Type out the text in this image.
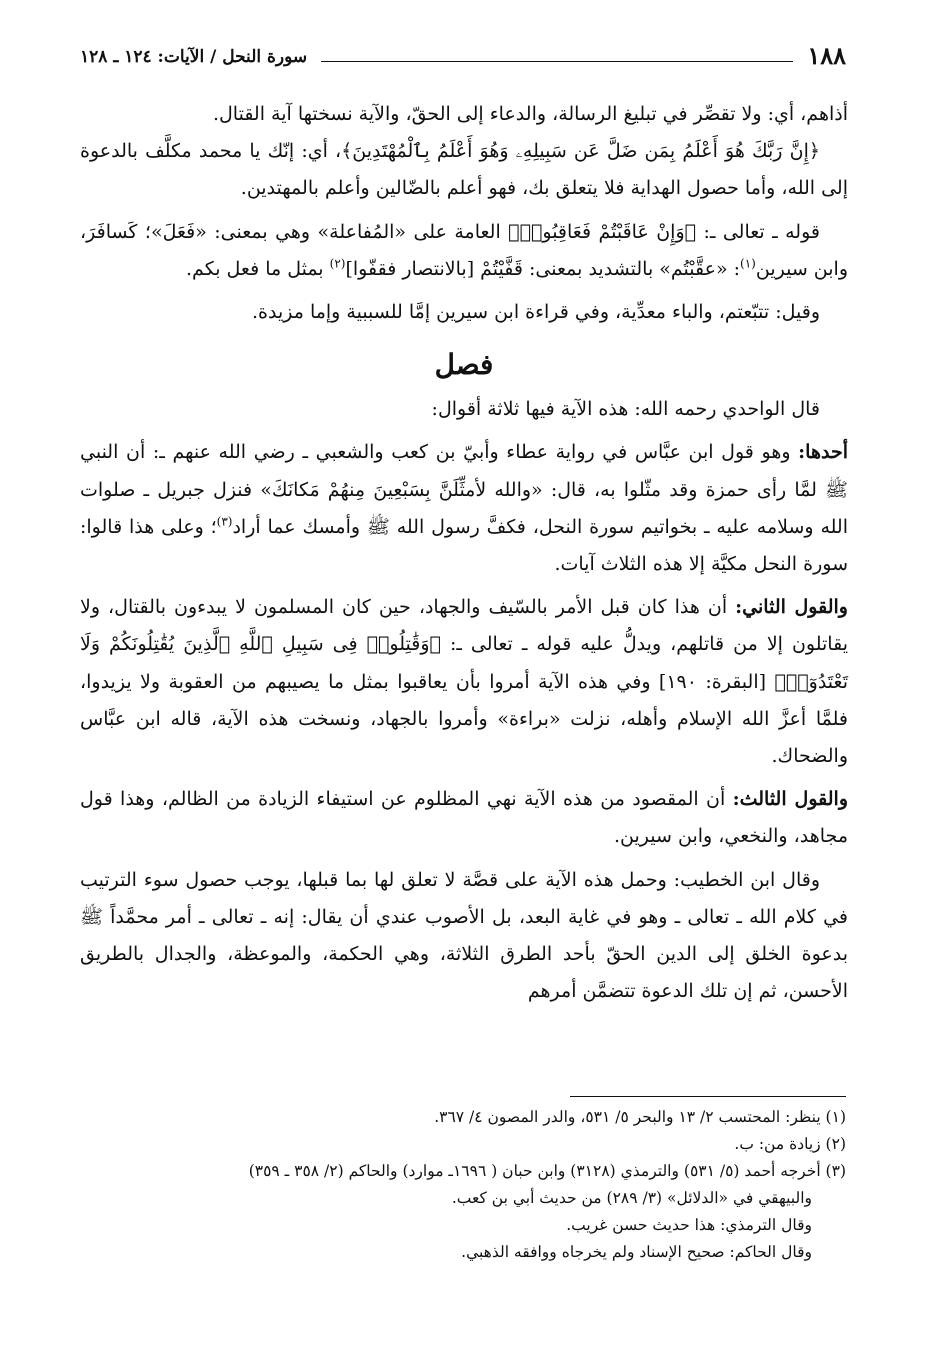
١٨٨
سورة النحل / الآيات: ١٢٤ ـ ١٢٨

أذاهم، أي: ولا تقصِّر في تبليغ الرسالة، والدعاء إلى الحقّ، والآية نسختها آية القتال.

﴿إِنَّ رَبَّكَ هُوَ أَعْلَمُ بِمَن ضَلَّ عَن سَبِيلِهِۦ وَهُوَ أَعْلَمُ بِٱلْمُهْتَدِينَ﴾، أي: إنّك يا محمد مكلَّف بالدعوة إلى الله، وأما حصول الهداية فلا يتعلق بك، فهو أعلم بالضّالين وأعلم بالمهتدين.

قوله ـ تعالى ـ: ﴿وَإِنْ عَاقَبْتُمْ فَعَاقِبُوا۟﴾ العامة على «المُفاعلة» وهي بمعنى: «فَعَلَ»؛ كَسافَرَ، وابن سيرين$^{(١)}$: «عقَّبْتُم» بالتشديد بمعنى: قَفَّيْتُمْ [بالانتصار فقفّوا]$^{(٢)}$ بمثل ما فعل بكم.

وقيل: تتبّعتم، والباء معدِّية، وفي قراءة ابن سيرين إمَّا للسببية وإما مزيدة.

فصل

قال الواحدي رحمه الله: هذه الآية فيها ثلاثة أقوال:

أحدها: وهو قول ابن عبَّاس في رواية عطاء وأبيّ بن كعب والشعبي ـ رضي الله عنهم ـ: أن النبي ﷺ لمَّا رأى حمزة وقد مثّلوا به، قال: «والله لأمثِّلَنَّ بِسَبْعِينَ مِنهُمْ مَكانَكَ» فنزل جبريل ـ صلوات الله وسلامه عليه ـ بخواتيم سورة النحل، فكفَّ رسول الله ﷺ وأمسك عما أراد$^{(٣)}$؛ وعلى هذا قالوا: سورة النحل مكيَّة إلا هذه الثلاث آيات.

والقول الثاني: أن هذا كان قبل الأمر بالسّيف والجهاد، حين كان المسلمون لا يبدءون بالقتال، ولا يقاتلون إلا من قاتلهم، ويدلُّ عليه قوله ـ تعالى ـ: ﴿وَقَٰتِلُوا۟ فِى سَبِيلِ ٱللَّهِ ٱلَّذِينَ يُقَٰتِلُونَكُمْ وَلَا تَعْتَدُوٓا۟﴾ [البقرة: ١٩٠] وفي هذه الآية أمروا بأن يعاقبوا بمثل ما يصيبهم من العقوبة ولا يزيدوا، فلمَّا أعزَّ الله الإسلام وأهله، نزلت «براءة» وأمروا بالجهاد، ونسخت هذه الآية، قاله ابن عبَّاس والضحاك.

والقول الثالث: أن المقصود من هذه الآية نهي المظلوم عن استيفاء الزيادة من الظالم، وهذا قول مجاهد، والنخعي، وابن سيرين.

وقال ابن الخطيب: وحمل هذه الآية على قصَّة لا تعلق لها بما قبلها، يوجب حصول سوء الترتيب في كلام الله ـ تعالى ـ وهو في غاية البعد، بل الأصوب عندي أن يقال: إنه ـ تعالى ـ أمر محمَّداً ﷺ بدعوة الخلق إلى الدين الحقّ بأحد الطرق الثلاثة، وهي الحكمة، والموعظة، والجدال بالطريق الأحسن، ثم إن تلك الدعوة تتضمَّن أمرهم

(١) ينظر: المحتسب ٢/ ١٣ والبحر ٥/ ٥٣١، والدر المصون ٤/ ٣٦٧.

(٢) زيادة من: ب.

(٣) أخرجه أحمد (٥/ ٥٣١) والترمذي (٣١٢٨) وابن حبان ( ١٦٩٦ـ موارد) والحاكم (٢/ ٣٥٨ ـ ٣٥٩)

والبيهقي في «الدلائل» (٣/ ٢٨٩) من حديث أبي بن كعب.

وقال الترمذي: هذا حديث حسن غريب.

وقال الحاكم: صحيح الإسناد ولم يخرجاه ووافقه الذهبي.
